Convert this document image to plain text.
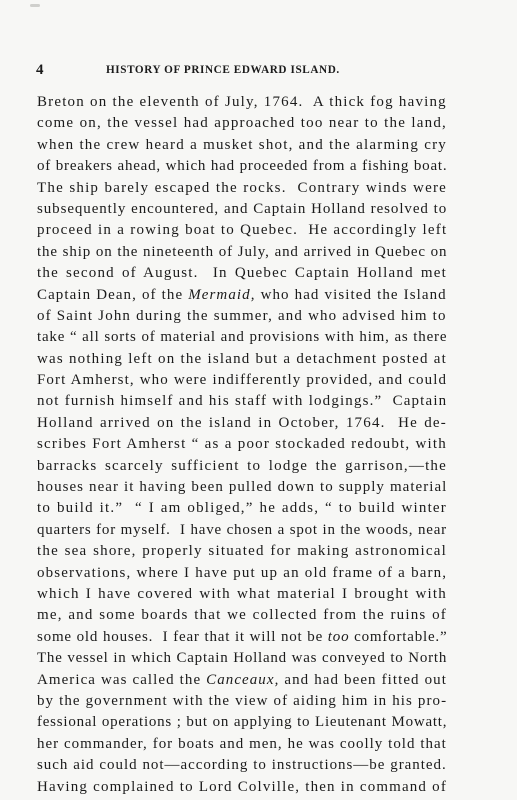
4	HISTORY OF PRINCE EDWARD ISLAND.
Breton on the eleventh of July, 1764.  A thick fog having
come on, the vessel had approached too near to the land,
when the crew heard a musket shot, and the alarming cry
of breakers ahead, which had proceeded from a fishing boat.
The ship barely escaped the rocks.  Contrary winds were
subsequently encountered, and Captain Holland resolved to
proceed in a rowing boat to Quebec.  He accordingly left
the ship on the nineteenth of July, and arrived in Quebec on
the second of August.  In Quebec Captain Holland met
Captain Dean, of the Mermaid, who had visited the Island
of Saint John during the summer, and who advised him to
take “ all sorts of material and provisions with him, as there
was nothing left on the island but a detachment posted at
Fort Amherst, who were indifferently provided, and could
not furnish himself and his staff with lodgings.”  Captain
Holland arrived on the island in October, 1764.  He de-
scribes Fort Amherst “ as a poor stockaded redoubt, with
barracks scarcely sufficient to lodge the garrison,—the
houses near it having been pulled down to supply material
to build it.”  “ I am obliged,” he adds, “ to build winter
quarters for myself.  I have chosen a spot in the woods, near
the sea shore, properly situated for making astronomical
observations, where I have put up an old frame of a barn,
which I have covered with what material I brought with
me, and some boards that we collected from the ruins of
some old houses.  I fear that it will not be too comfortable.”
The vessel in which Captain Holland was conveyed to North
America was called the Canceaux, and had been fitted out
by the government with the view of aiding him in his pro-
fessional operations ; but on applying to Lieutenant Mowatt,
her commander, for boats and men, he was coolly told that
such aid could not—according to instructions—be granted.
Having complained to Lord Colville, then in command of
